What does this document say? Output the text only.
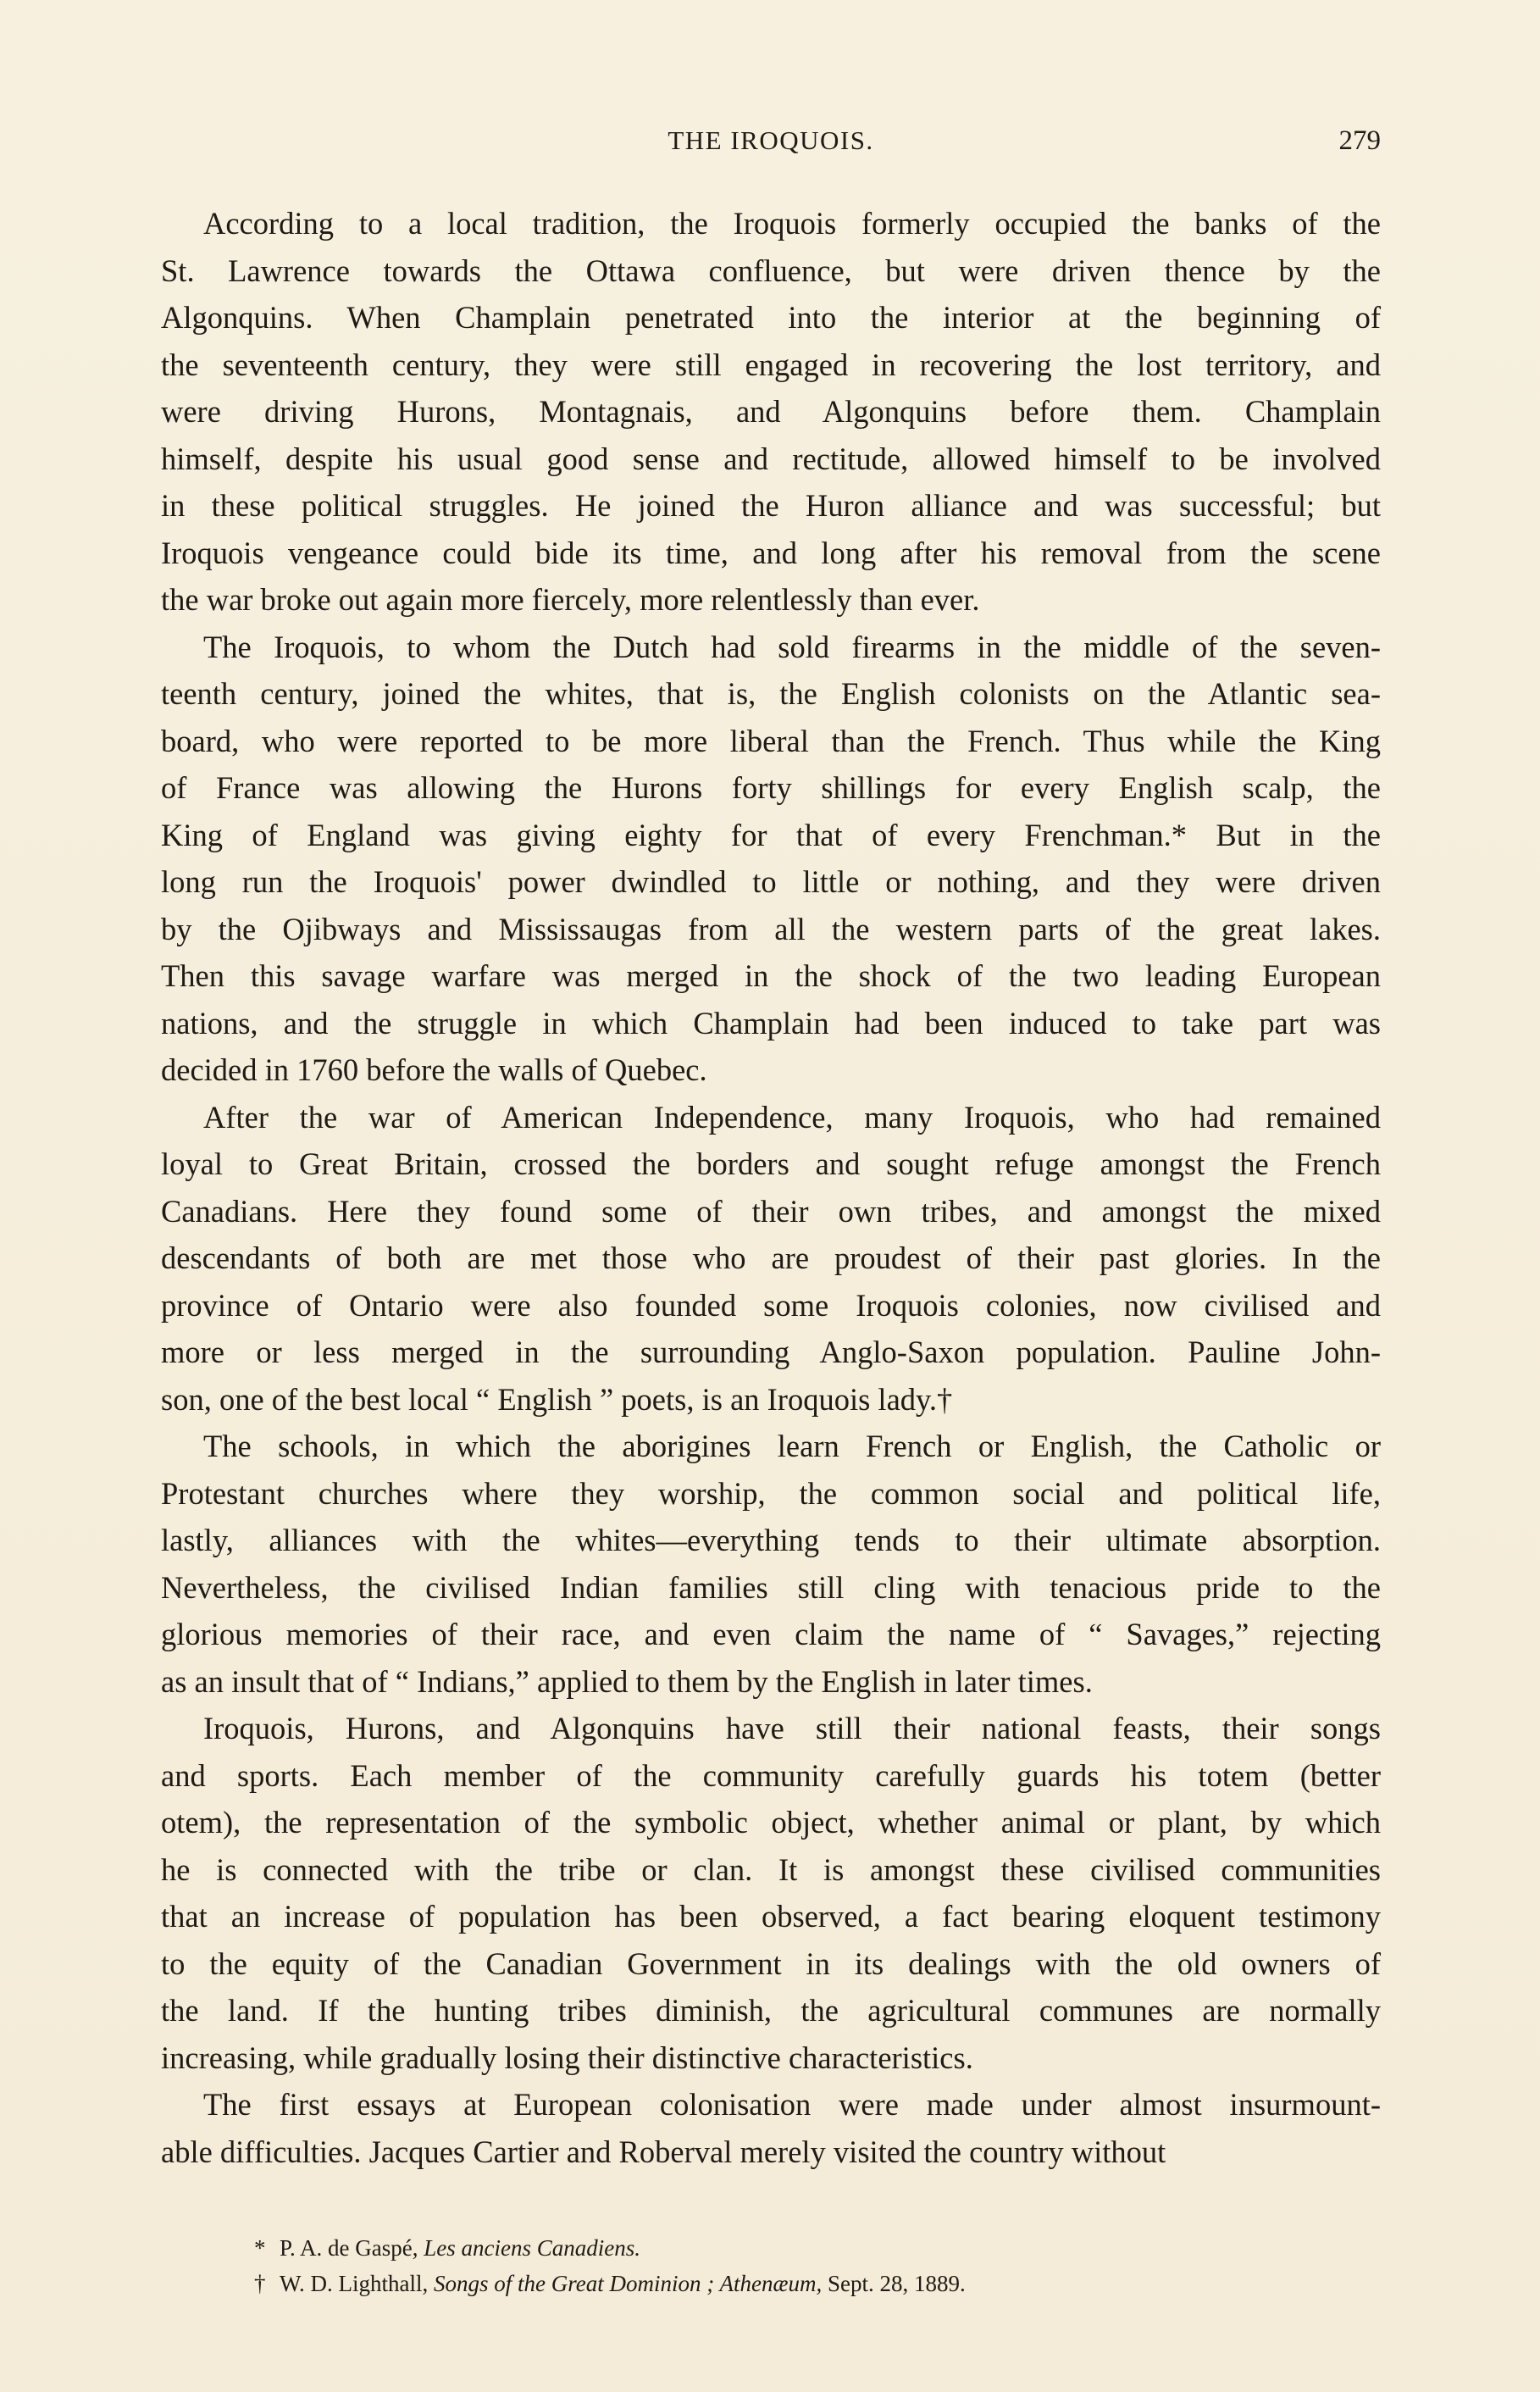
THE IROQUOIS.	279

According to a local tradition, the Iroquois formerly occupied the banks of the
St. Lawrence towards the Ottawa confluence, but were driven thence by the
Algonquins. When Champlain penetrated into the interior at the beginning of
the seventeenth century, they were still engaged in recovering the lost territory, and
were driving Hurons, Montagnais, and Algonquins before them. Champlain
himself, despite his usual good sense and rectitude, allowed himself to be involved
in these political struggles. He joined the Huron alliance and was successful; but
Iroquois vengeance could bide its time, and long after his removal from the scene
the war broke out again more fiercely, more relentlessly than ever.

The Iroquois, to whom the Dutch had sold firearms in the middle of the seven-
teenth century, joined the whites, that is, the English colonists on the Atlantic sea-
board, who were reported to be more liberal than the French. Thus while the King
of France was allowing the Hurons forty shillings for every English scalp, the
King of England was giving eighty for that of every Frenchman.* But in the
long run the Iroquois' power dwindled to little or nothing, and they were driven
by the Ojibways and Mississaugas from all the western parts of the great lakes.
Then this savage warfare was merged in the shock of the two leading European
nations, and the struggle in which Champlain had been induced to take part was
decided in 1760 before the walls of Quebec.

After the war of American Independence, many Iroquois, who had remained
loyal to Great Britain, crossed the borders and sought refuge amongst the French
Canadians. Here they found some of their own tribes, and amongst the mixed
descendants of both are met those who are proudest of their past glories. In the
province of Ontario were also founded some Iroquois colonies, now civilised and
more or less merged in the surrounding Anglo-Saxon population. Pauline John-
son, one of the best local “ English ” poets, is an Iroquois lady.†

The schools, in which the aborigines learn French or English, the Catholic or
Protestant churches where they worship, the common social and political life,
lastly, alliances with the whites—everything tends to their ultimate absorption.
Nevertheless, the civilised Indian families still cling with tenacious pride to the
glorious memories of their race, and even claim the name of “ Savages,” rejecting
as an insult that of “ Indians,” applied to them by the English in later times.

Iroquois, Hurons, and Algonquins have still their national feasts, their songs
and sports. Each member of the community carefully guards his totem (better
otem), the representation of the symbolic object, whether animal or plant, by which
he is connected with the tribe or clan. It is amongst these civilised communities
that an increase of population has been observed, a fact bearing eloquent testimony
to the equity of the Canadian Government in its dealings with the old owners of
the land. If the hunting tribes diminish, the agricultural communes are normally
increasing, while gradually losing their distinctive characteristics.

The first essays at European colonisation were made under almost insurmount-
able difficulties. Jacques Cartier and Roberval merely visited the country without

* P. A. de Gaspé, Les anciens Canadiens.
† W. D. Lighthall, Songs of the Great Dominion ; Athenæum, Sept. 28, 1889.
